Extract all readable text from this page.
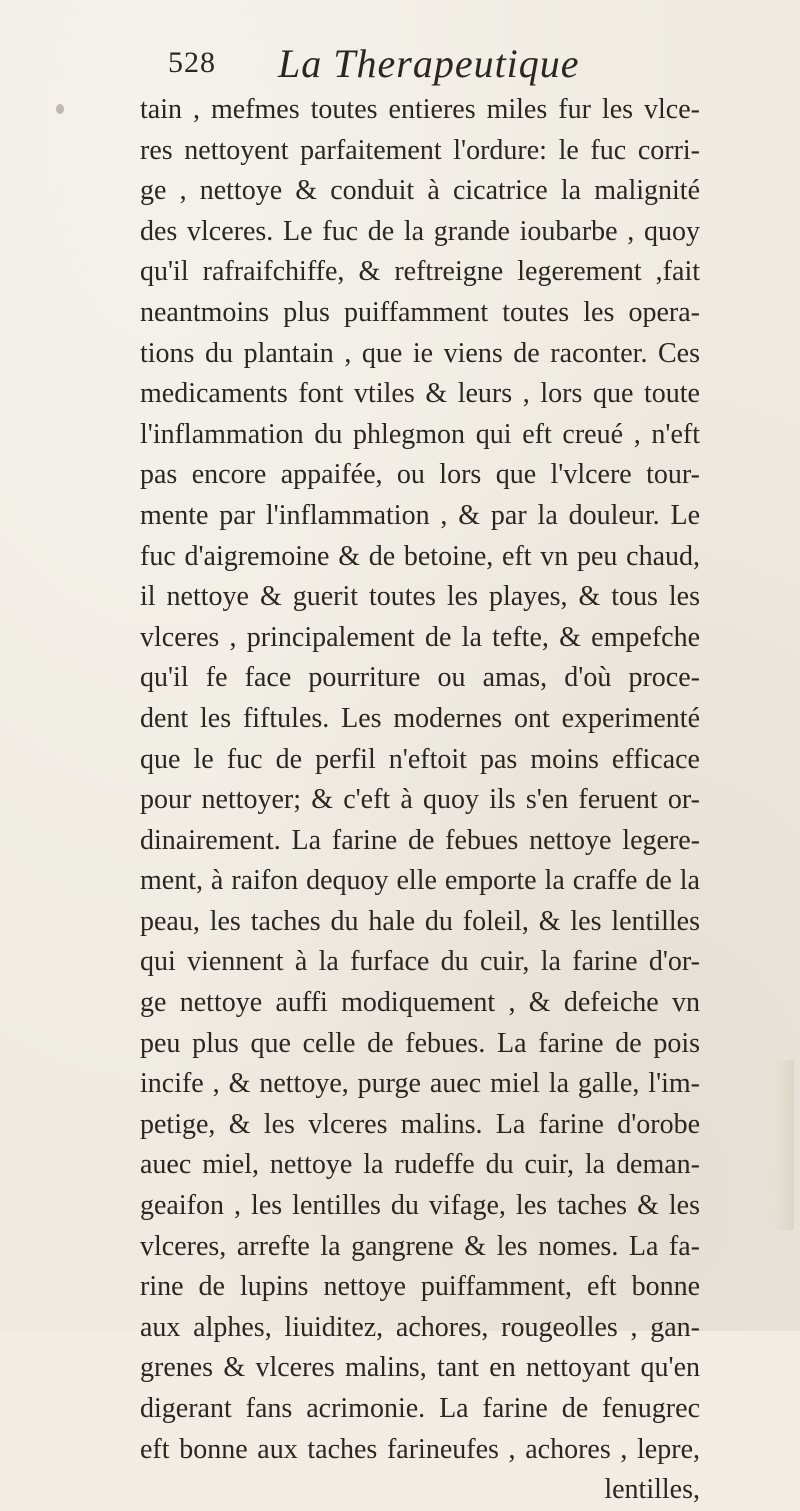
528 La Therapeutique
tain , mefmes toutes entieres miles fur les vlce-
res nettoyent parfaitement l'ordure: le fuc corri-
ge , nettoye & conduit à cicatrice la malignité
des vlceres. Le fuc de la grande ioubarbe , quoy
qu'il rafraifchiffe, & reftreigne legerement ,fait
neantmoins plus puiffamment toutes les opera-
tions du plantain , que ie viens de raconter. Ces
medicaments font vtiles & leurs , lors que toute
l'inflammation du phlegmon qui eft creué , n'eft
pas encore appaifée, ou lors que l'vlcere tour-
mente par l'inflammation , & par la douleur. Le
fuc d'aigremoine & de betoine, eft vn peu chaud,
il nettoye & guerit toutes les playes, & tous les
vlceres , principalement de la tefte, & empefche
qu'il fe face pourriture ou amas, d'où proce-
dent les fiftules. Les modernes ont experimenté
que le fuc de perfil n'eftoit pas moins efficace
pour nettoyer; & c'eft à quoy ils s'en feruent or-
dinairement. La farine de febues nettoye legere-
ment, à raifon dequoy elle emporte la craffe de la
peau, les taches du hale du foleil, & les lentilles
qui viennent à la furface du cuir, la farine d'or-
ge nettoye auffi modiquement , & defeiche vn
peu plus que celle de febues. La farine de pois
incife , & nettoye, purge auec miel la galle, l'im-
petige, & les vlceres malins. La farine d'orobe
auec miel, nettoye la rudeffe du cuir, la deman-
geaifon , les lentilles du vifage, les taches & les
vlceres, arrefte la gangrene & les nomes. La fa-
rine de lupins nettoye puiffamment, eft bonne
aux alphes, liuiditez, achores, rougeolles , gan-
grenes & vlceres malins, tant en nettoyant qu'en
digerant fans acrimonie. La farine de fenugrec
eft bonne aux taches farineufes , achores , lepre,
lentilles,
